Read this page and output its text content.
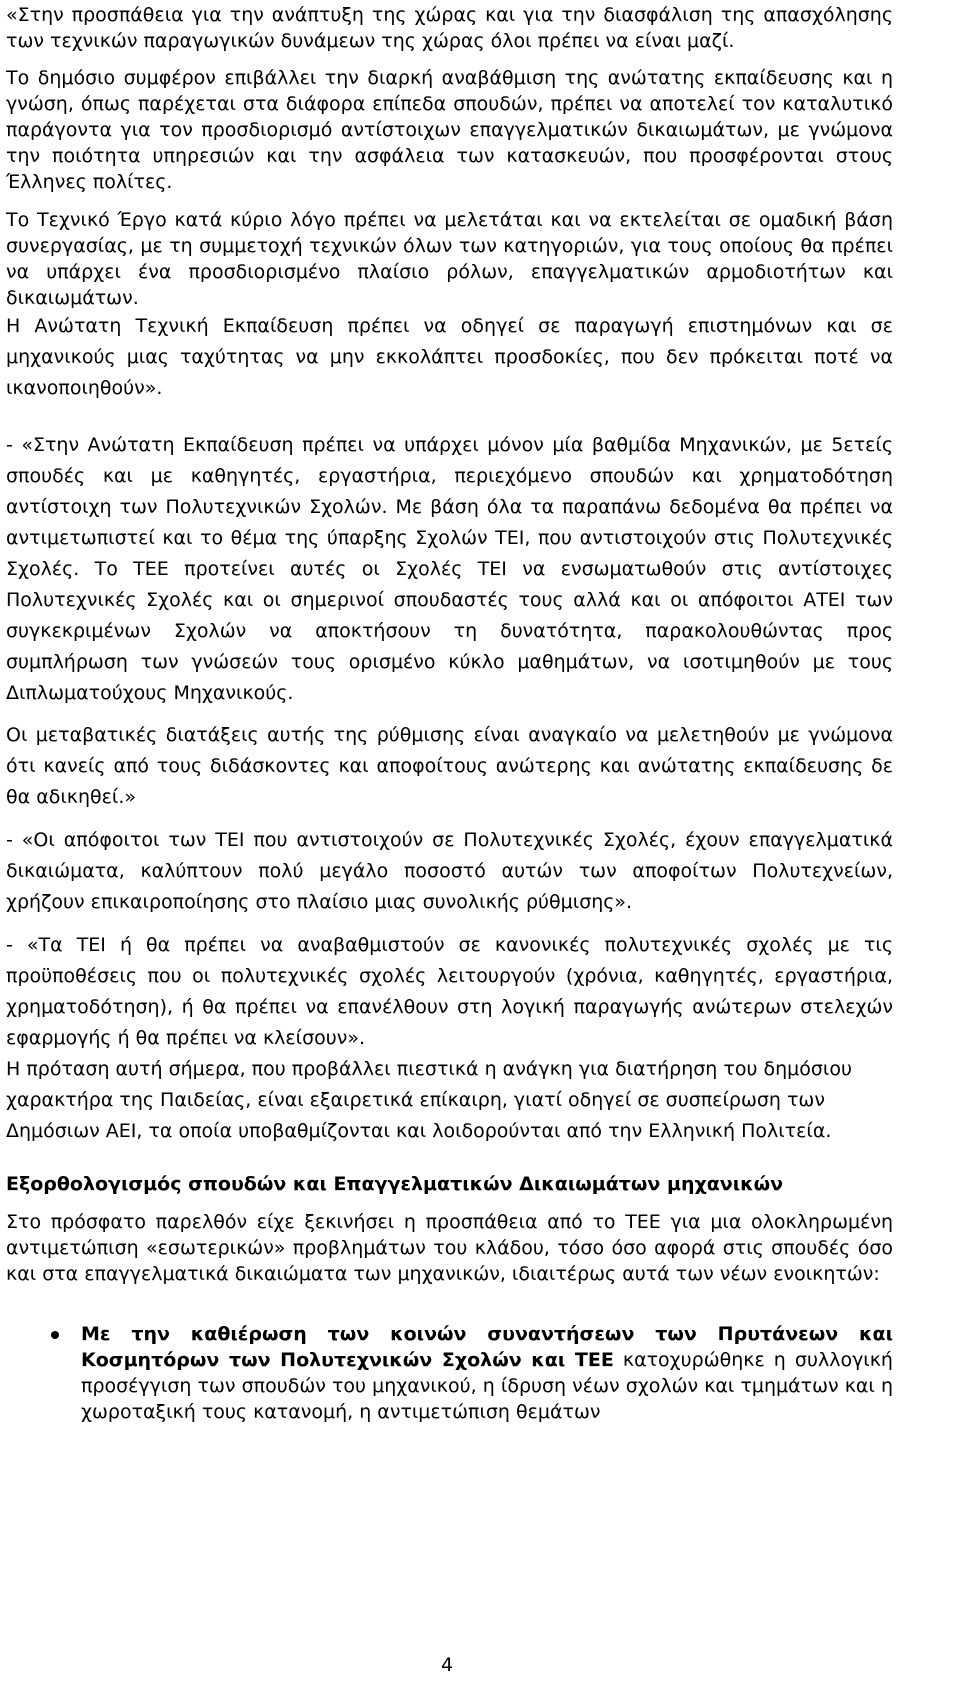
«Στην προσπάθεια για την ανάπτυξη της χώρας και για την διασφάλιση της απασχόλησης των τεχνικών παραγωγικών δυνάμεων της χώρας όλοι πρέπει να είναι μαζί.

Το δημόσιο συμφέρον επιβάλλει την διαρκή αναβάθμιση της ανώτατης εκπαίδευσης και η γνώση, όπως παρέχεται στα διάφορα επίπεδα σπουδών, πρέπει να αποτελεί τον καταλυτικό παράγοντα για τον προσδιορισμό αντίστοιχων επαγγελματικών δικαιωμάτων, με γνώμονα την ποιότητα υπηρεσιών και την ασφάλεια των κατασκευών, που προσφέρονται στους Έλληνες πολίτες.

Το Τεχνικό Έργο κατά κύριο λόγο πρέπει να μελετάται και να εκτελείται σε ομαδική βάση συνεργασίας, με τη συμμετοχή τεχνικών όλων των κατηγοριών, για τους οποίους θα πρέπει να υπάρχει ένα προσδιορισμένο πλαίσιο ρόλων, επαγγελματικών αρμοδιοτήτων και δικαιωμάτων.

Η Ανώτατη Τεχνική Εκπαίδευση πρέπει να οδηγεί σε παραγωγή επιστημόνων και σε μηχανικούς μιας ταχύτητας να μην εκκολάπτει προσδοκίες, που δεν πρόκειται ποτέ να ικανοποιηθούν».

- «Στην Ανώτατη Εκπαίδευση πρέπει να υπάρχει μόνον μία βαθμίδα Μηχανικών, με 5ετείς σπουδές και με καθηγητές, εργαστήρια, περιεχόμενο σπουδών και χρηματοδότηση αντίστοιχη των Πολυτεχνικών Σχολών. Με βάση όλα τα παραπάνω δεδομένα θα πρέπει να αντιμετωπιστεί και το θέμα της ύπαρξης Σχολών ΤΕΙ, που αντιστοιχούν στις Πολυτεχνικές Σχολές. Το ΤΕΕ προτείνει αυτές οι Σχολές ΤΕΙ να ενσωματωθούν στις αντίστοιχες Πολυτεχνικές Σχολές και οι σημερινοί σπουδαστές τους αλλά και οι απόφοιτοι ΑΤΕΙ των συγκεκριμένων Σχολών να αποκτήσουν τη δυνατότητα, παρακολουθώντας προς συμπλήρωση των γνώσεών τους ορισμένο κύκλο μαθημάτων, να ισοτιμηθούν με τους Διπλωματούχους Μηχανικούς.

Οι μεταβατικές διατάξεις αυτής της ρύθμισης είναι αναγκαίο να μελετηθούν με γνώμονα ότι κανείς από τους διδάσκοντες και αποφοίτους ανώτερης και ανώτατης εκπαίδευσης δε θα αδικηθεί.»

- «Οι απόφοιτοι των ΤΕΙ που αντιστοιχούν σε Πολυτεχνικές Σχολές, έχουν επαγγελματικά δικαιώματα, καλύπτουν πολύ μεγάλο ποσοστό αυτών των αποφοίτων Πολυτεχνείων, χρήζουν επικαιροποίησης στο πλαίσιο μιας συνολικής ρύθμισης».

- «Τα ΤΕΙ ή θα πρέπει να αναβαθμιστούν σε κανονικές πολυτεχνικές σχολές με τις προϋποθέσεις που οι πολυτεχνικές σχολές λειτουργούν (χρόνια, καθηγητές, εργαστήρια, χρηματοδότηση), ή θα πρέπει να επανέλθουν στη λογική παραγωγής ανώτερων στελεχών εφαρμογής ή θα πρέπει να κλείσουν».

Η πρόταση αυτή σήμερα, που προβάλλει πιεστικά η ανάγκη για διατήρηση του δημόσιου χαρακτήρα της Παιδείας, είναι εξαιρετικά επίκαιρη, γιατί οδηγεί σε συσπείρωση των Δημόσιων ΑΕΙ, τα οποία υποβαθμίζονται και λοιδορούνται από την Ελληνική Πολιτεία.

Εξορθολογισμός σπουδών και Επαγγελματικών Δικαιωμάτων μηχανικών

Στο πρόσφατο παρελθόν είχε ξεκινήσει η προσπάθεια από το ΤΕΕ για μια ολοκληρωμένη αντιμετώπιση «εσωτερικών» προβλημάτων του κλάδου, τόσο όσο αφορά στις σπουδές όσο και στα επαγγελματικά δικαιώματα των μηχανικών, ιδιαιτέρως αυτά των νέων ενοικητών:

Με την καθιέρωση των κοινών συναντήσεων των Πρυτάνεων και Κοσμητόρων των Πολυτεχνικών Σχολών και ΤΕΕ κατοχυρώθηκε η συλλογική προσέγγιση των σπουδών του μηχανικού, η ίδρυση νέων σχολών και τμημάτων και η χωροταξική τους κατανομή, η αντιμετώπιση θεμάτων
4
